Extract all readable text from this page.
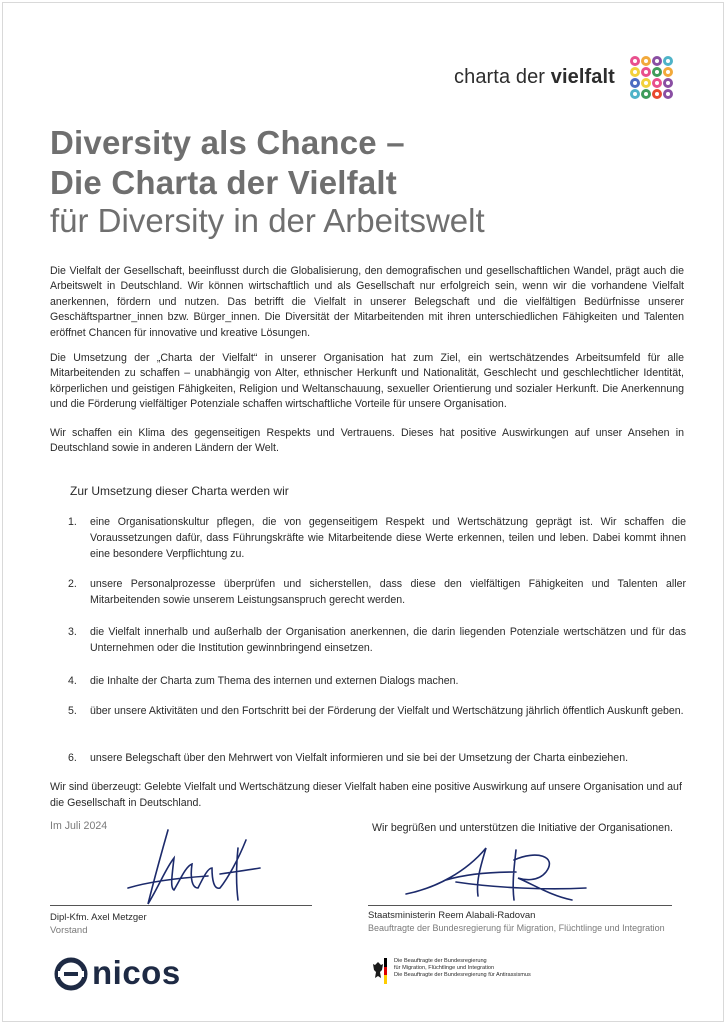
charta der vielfalt
Diversity als Chance –
Die Charta der Vielfalt
für Diversity in der Arbeitswelt
Die Vielfalt der Gesellschaft, beeinflusst durch die Globalisierung, den demografischen und gesellschaftlichen Wandel, prägt auch die Arbeitswelt in Deutschland. Wir können wirtschaftlich und als Gesellschaft nur erfolgreich sein, wenn wir die vorhandene Vielfalt anerkennen, fördern und nutzen. Das betrifft die Vielfalt in unserer Belegschaft und die vielfältigen Bedürfnisse unserer Geschäftspartner_innen bzw. Bürger_innen. Die Diversität der Mitarbeitenden mit ihren unterschiedlichen Fähigkeiten und Talenten eröffnet Chancen für innovative und kreative Lösungen.
Die Umsetzung der „Charta der Vielfalt“ in unserer Organisation hat zum Ziel, ein wertschätzendes Arbeitsumfeld für alle Mitarbeitenden zu schaffen – unabhängig von Alter, ethnischer Herkunft und Nationalität, Geschlecht und geschlechtlicher Identität, körperlichen und geistigen Fähigkeiten, Religion und Weltanschauung, sexueller Orientierung und sozialer Herkunft. Die Anerkennung und die Förderung vielfältiger Potenziale schaffen wirtschaftliche Vorteile für unsere Organisation.
Wir schaffen ein Klima des gegenseitigen Respekts und Vertrauens. Dieses hat positive Auswirkungen auf unser Ansehen in Deutschland sowie in anderen Ländern der Welt.
Zur Umsetzung dieser Charta werden wir
1.	eine Organisationskultur pflegen, die von gegenseitigem Respekt und Wertschätzung geprägt ist. Wir schaffen die Voraussetzungen dafür, dass Führungskräfte wie Mitarbeitende diese Werte erkennen, teilen und leben. Dabei kommt ihnen eine besondere Verpflichtung zu.
2.	unsere Personalprozesse überprüfen und sicherstellen, dass diese den vielfältigen Fähigkeiten und Talenten aller Mitarbeitenden sowie unserem Leistungsanspruch gerecht werden.
3.	die Vielfalt innerhalb und außerhalb der Organisation anerkennen, die darin liegenden Potenziale wertschätzen und für das Unternehmen oder die Institution gewinnbringend einsetzen.
4.	die Inhalte der Charta zum Thema des internen und externen Dialogs machen.
5.	über unsere Aktivitäten und den Fortschritt bei der Förderung der Vielfalt und Wertschätzung jährlich öffentlich Auskunft geben.
6.	unsere Belegschaft über den Mehrwert von Vielfalt informieren und sie bei der Umsetzung der Charta einbeziehen.
Wir sind überzeugt: Gelebte Vielfalt und Wertschätzung dieser Vielfalt haben eine positive Auswirkung auf unsere Organisation und auf die Gesellschaft in Deutschland.
Im Juli 2024	Wir begrüßen und unterstützen die Initiative der Organisationen.
Dipl-Kfm. Axel Metzger
Vorstand
Staatsministerin Reem Alabali-Radovan
Beauftragte der Bundesregierung für Migration, Flüchtlinge und Integration
nicos	Die Beauftragte der Bundesregierung
für Migration, Flüchtlinge und Integration
Die Beauftragte der Bundesregierung für Antirassismus
